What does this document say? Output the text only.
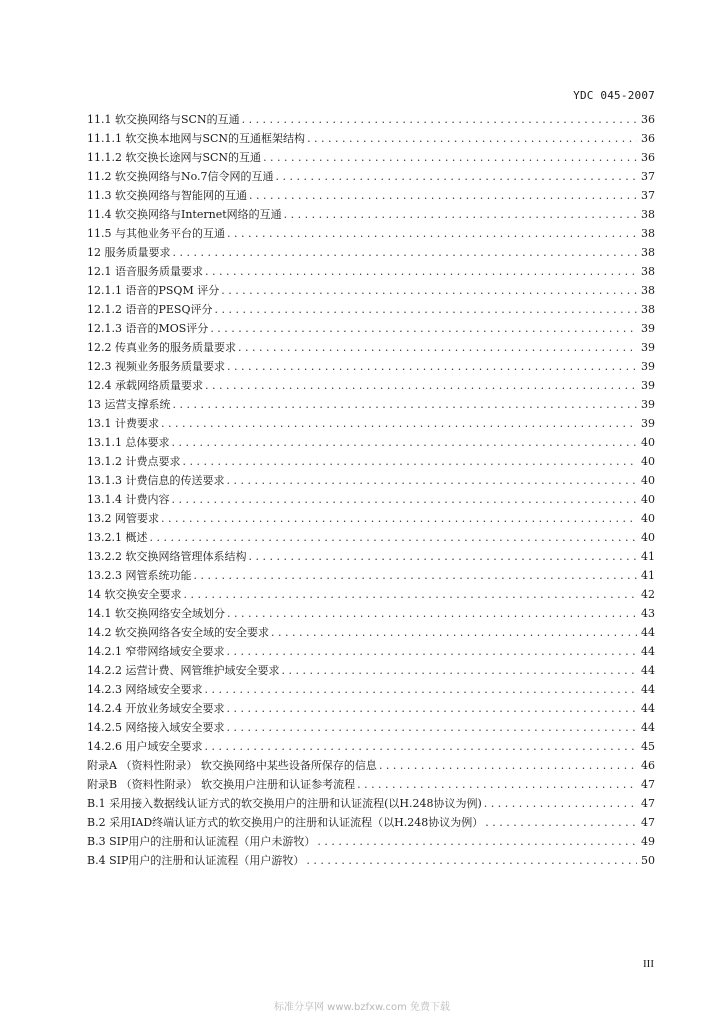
YDC 045-2007
11.1 软交换网络与SCN的互通 . . .	36
11.1.1 软交换本地网与SCN的互通框架结构 . . .	36
11.1.2 软交换长途网与SCN的互通 . . .	36
11.2 软交换网络与No.7信令网的互通 . . .	37
11.3 软交换网络与智能网的互通 . . .	37
11.4 软交换网络与Internet网络的互通 . . .	38
11.5 与其他业务平台的互通 . . .	38
12 服务质量要求 . . .	38
12.1 语音服务质量要求 . . .	38
12.1.1 语音的PSQM 评分 . . .	38
12.1.2 语音的PESQ评分 . . .	38
12.1.3 语音的MOS评分 . . .	39
12.2 传真业务的服务质量要求 . . .	39
12.3 视频业务服务质量要求 . . .	39
12.4 承载网络质量要求 . . .	39
13 运营支撑系统 . . .	39
13.1 计费要求 . . .	39
13.1.1 总体要求 . . .	40
13.1.2 计费点要求 . . .	40
13.1.3 计费信息的传送要求 . . .	40
13.1.4 计费内容 . . .	40
13.2 网管要求 . . .	40
13.2.1 概述 . . .	40
13.2.2 软交换网络管理体系结构 . . .	41
13.2.3 网管系统功能 . . .	41
14 软交换安全要求 . . .	42
14.1 软交换网络安全域划分 . . .	43
14.2 软交换网络各安全域的安全要求 . . .	44
14.2.1 窄带网络域安全要求 . . .	44
14.2.2 运营计费、网管维护域安全要求 . . .	44
14.2.3 网络域安全要求 . . .	44
14.2.4 开放业务域安全要求 . . .	44
14.2.5 网络接入域安全要求 . . .	44
14.2.6 用户域安全要求 . . .	45
附录A （资料性附录） 软交换网络中某些设备所保存的信息 . . .	46
附录B （资料性附录） 软交换用户注册和认证参考流程 . . .	47
B.1 采用接入数据线认证方式的软交换用户的注册和认证流程(以H.248协议为例) . . .	47
B.2 采用IAD终端认证方式的软交换用户的注册和认证流程（以H.248协议为例） . . .	47
B.3 SIP用户的注册和认证流程（用户未游牧） . . .	49
B.4 SIP用户的注册和认证流程（用户游牧） . . .	50
III
标准分享网 www.bzfxw.com 免费下载
